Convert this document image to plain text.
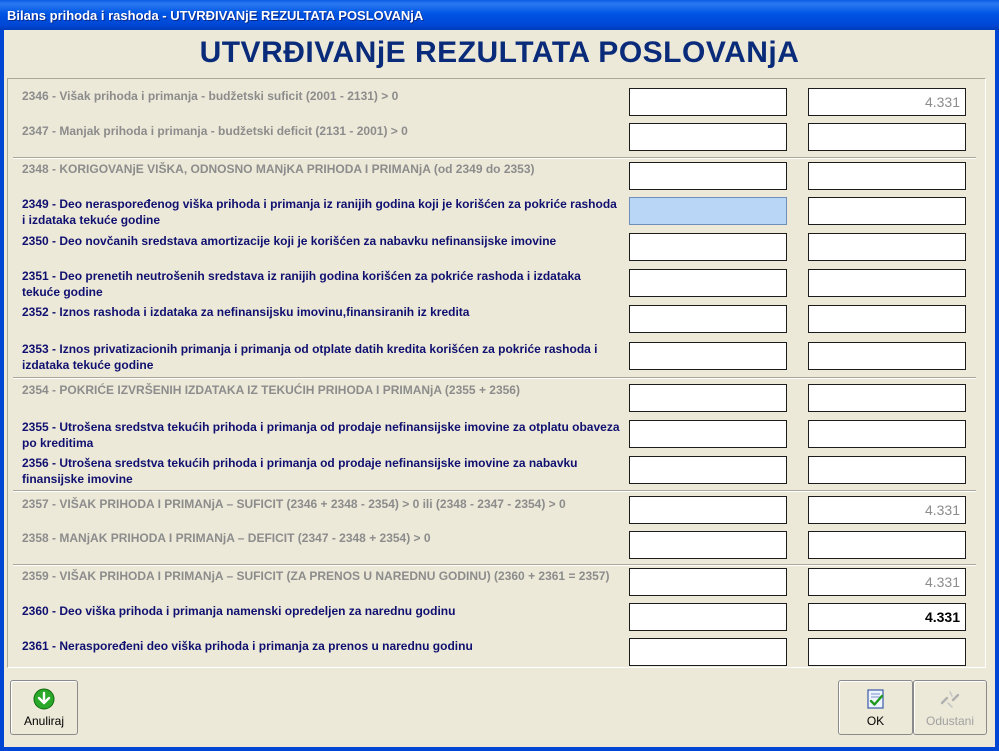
Bilans prihoda i rashoda - UTVRĐIVANjE REZULTATA POSLOVANjA
UTVRĐIVANjE REZULTATA POSLOVANjA
2346 - Višak prihoda i primanja - budžetski suficit (2001 - 2131) > 0	4.331
2347 - Manjak prihoda i primanja - budžetski deficit (2131 - 2001) > 0
2348 - KORIGOVANjE VIŠKA, ODNOSNO MANjKA PRIHODA I PRIMANjA (od 2349 do 2353)
2349 - Deo neraspoređenog viška prihoda i primanja iz ranijih godina koji je korišćen za pokriće rashoda i izdataka tekuće godine
2350 - Deo novčanih sredstava amortizacije koji je korišćen za nabavku nefinansijske imovine
2351 - Deo prenetih neutrošenih sredstava iz ranijih godina korišćen za pokriće rashoda i izdataka tekuće godine
2352 - Iznos rashoda i izdataka za nefinansijsku imovinu,finansiranih iz kredita
2353 - Iznos privatizacionih primanja i primanja od otplate datih kredita korišćen za pokriće rashoda i izdataka tekuće godine
2354 - POKRIĆE IZVRŠENIH IZDATAKA IZ TEKUĆIH PRIHODA I PRIMANjA (2355 + 2356)
2355 - Utrošena sredstva tekućih prihoda i primanja od prodaje nefinansijske imovine za otplatu obaveza po kreditima
2356 - Utrošena sredstva tekućih prihoda i primanja od prodaje nefinansijske imovine za nabavku finansijske imovine
2357 - VIŠAK PRIHODA I PRIMANjA – SUFICIT (2346 + 2348 - 2354) > 0 ili (2348 - 2347 - 2354) > 0	4.331
2358 - MANjAK PRIHODA I PRIMANjA – DEFICIT (2347 - 2348 + 2354) > 0
2359 - VIŠAK PRIHODA I PRIMANjA – SUFICIT (ZA PRENOS U NAREDNU GODINU) (2360 + 2361 = 2357)	4.331
2360 - Deo viška prihoda i primanja namenski opredeljen za narednu godinu	4.331
2361 - Neraspoređeni deo viška prihoda i primanja za prenos u narednu godinu
Anuliraj	OK	Odustani
